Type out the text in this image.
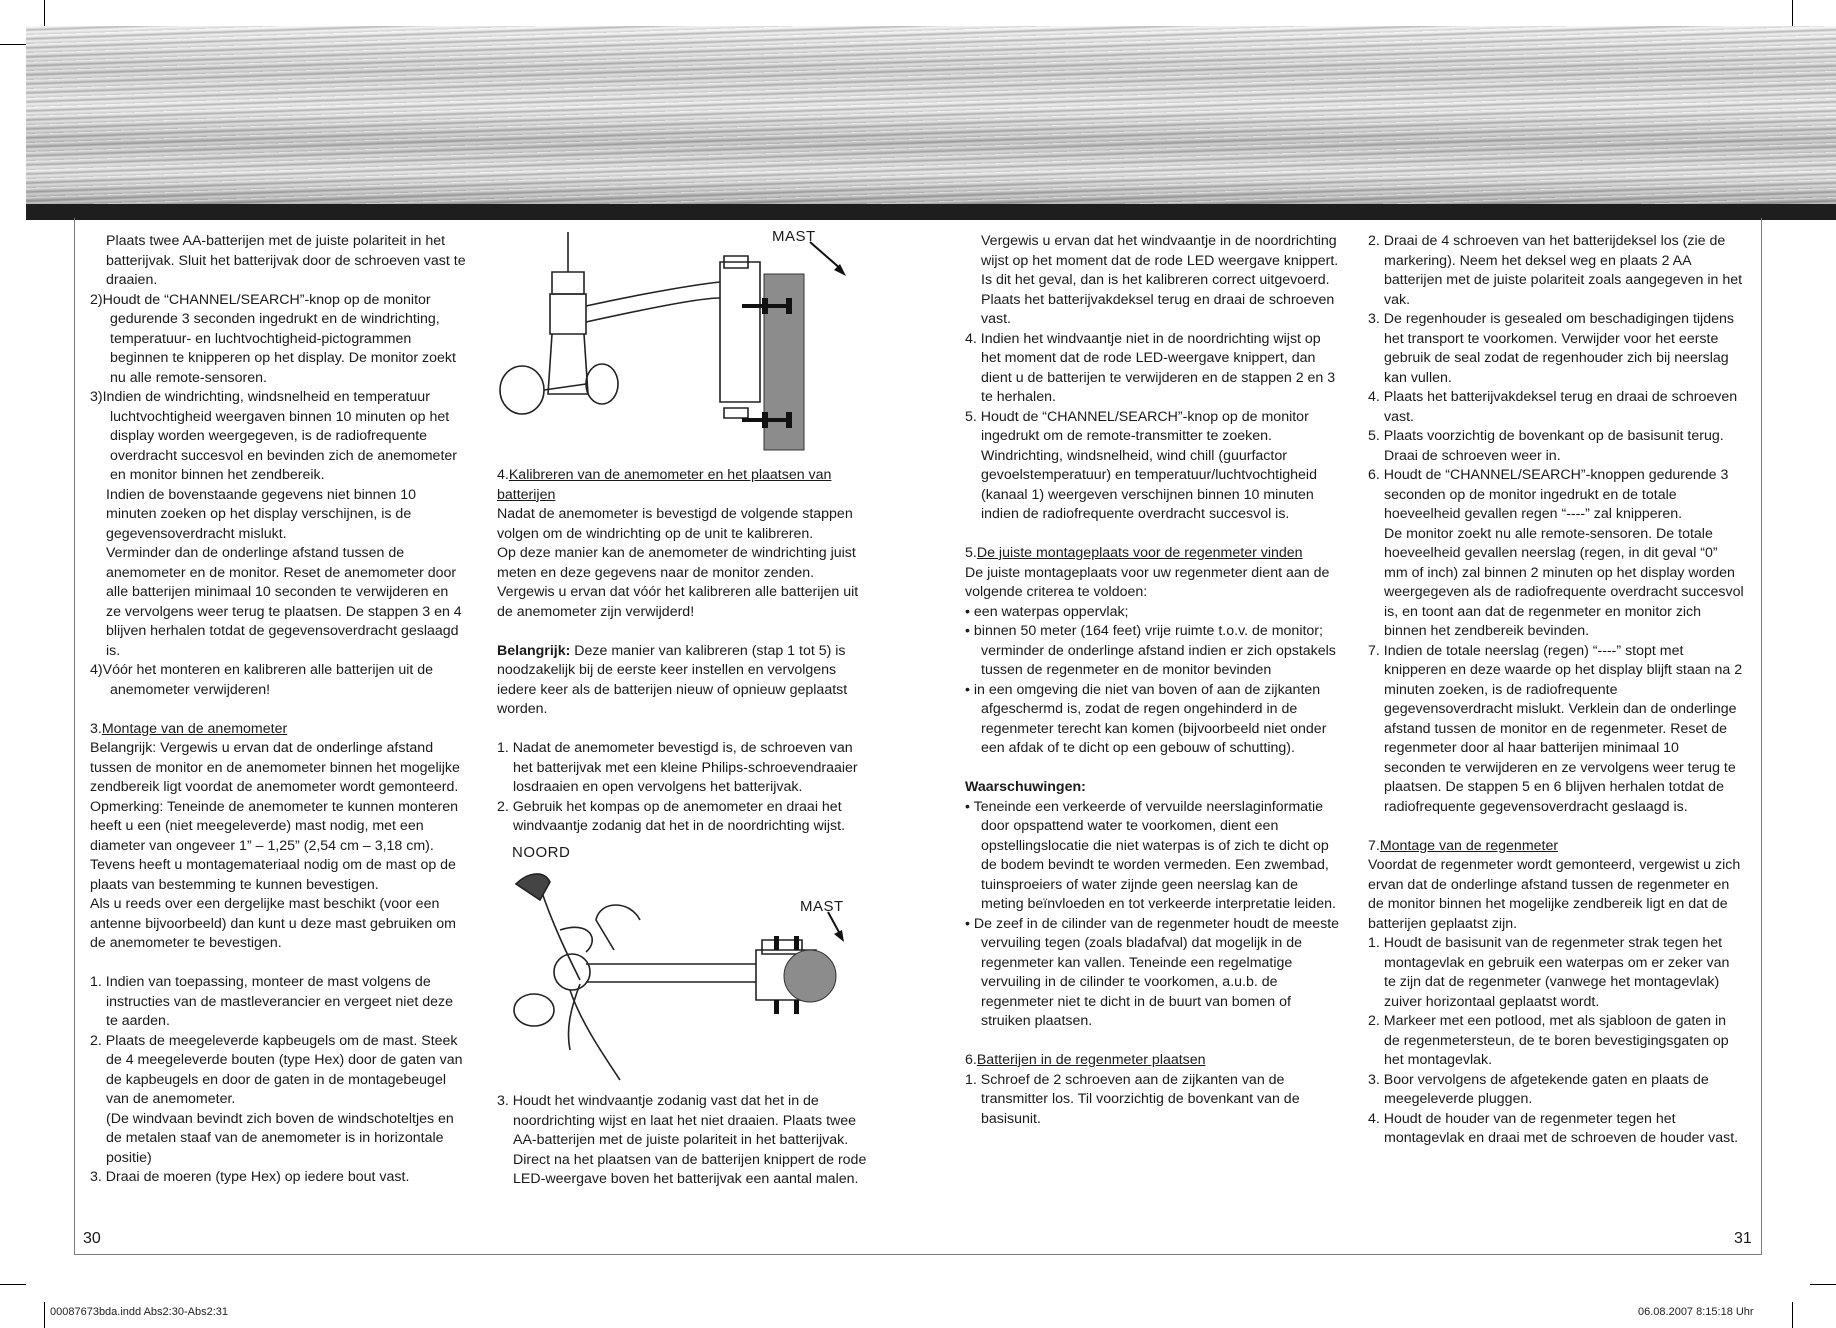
Plaats twee AA-batterijen met de juiste polariteit in het batterijvak. Sluit het batterijvak door de schroeven vast te draaien.

2)Houdt de “CHANNEL/SEARCH”-knop op de monitor gedurende 3 seconden ingedrukt en de windrichting, temperatuur- en luchtvochtigheid-pictogrammen beginnen te knipperen op het display. De monitor zoekt nu alle remote-sensoren.

3)Indien de windrichting, windsnelheid en temperatuur luchtvochtigheid weergaven binnen 10 minuten op het display worden weergegeven, is de radiofrequente overdracht succesvol en bevinden zich de anemometer en monitor binnen het zendbereik.

Indien de bovenstaande gegevens niet binnen 10 minuten zoeken op het display verschijnen, is de gegevensoverdracht mislukt.

Verminder dan de onderlinge afstand tussen de anemometer en de monitor. Reset de anemometer door alle batterijen minimaal 10 seconden te verwijderen en ze vervolgens weer terug te plaatsen. De stappen 3 en 4 blijven herhalen totdat de gegevensoverdracht geslaagd is.

4)Vóór het monteren en kalibreren alle batterijen uit de anemometer verwijderen!

3.Montage van de anemometer

Belangrijk: Vergewis u ervan dat de onderlinge afstand tussen de monitor en de anemometer binnen het mogelijke zendbereik ligt voordat de anemometer wordt gemonteerd.

Opmerking: Teneinde de anemometer te kunnen monteren heeft u een (niet meegeleverde) mast nodig, met een diameter van ongeveer 1” – 1,25” (2,54 cm – 3,18 cm). Tevens heeft u montagemateriaal nodig om de mast op de plaats van bestemming te kunnen bevestigen.

Als u reeds over een dergelijke mast beschikt (voor een antenne bijvoorbeeld) dan kunt u deze mast gebruiken om de anemometer te bevestigen.

1. Indien van toepassing, monteer de mast volgens de instructies van de mastleverancier en vergeet niet deze te aarden.

2. Plaats de meegeleverde kapbeugels om de mast. Steek de 4 meegeleverde bouten (type Hex) door de gaten van de kapbeugels en door de gaten in de montagebeugel van de anemometer.

(De windvaan bevindt zich boven de windschoteltjes en de metalen staaf van de anemometer is in horizontale positie)

3. Draai de moeren (type Hex) op iedere bout vast.

30
MAST
NOORD
MAST

4.Kalibreren van de anemometer en het plaatsen van batterijen

Nadat de anemometer is bevestigd de volgende stappen volgen om de windrichting op de unit te kalibreren.

Op deze manier kan de anemometer de windrichting juist meten en deze gegevens naar de monitor zenden.

Vergewis u ervan dat vóór het kalibreren alle batterijen uit de anemometer zijn verwijderd!

Belangrijk: Deze manier van kalibreren (stap 1 tot 5) is noodzakelijk bij de eerste keer instellen en vervolgens iedere keer als de batterijen nieuw of opnieuw geplaatst worden.

1. Nadat de anemometer bevestigd is, de schroeven van het batterijvak met een kleine Philips-schroevendraaier losdraaien en open vervolgens het batterijvak.

2. Gebruik het kompas op de anemometer en draai het windvaantje zodanig dat het in de noordrichting wijst.

3. Houdt het windvaantje zodanig vast dat het in de noordrichting wijst en laat het niet draaien. Plaats twee AA-batterijen met de juiste polariteit in het batterijvak. Direct na het plaatsen van de batterijen knippert de rode LED-weergave boven het batterijvak een aantal malen.

Vergewis u ervan dat het windvaantje in de noordrichting wijst op het moment dat de rode LED weergave knippert. Is dit het geval, dan is het kalibreren correct uitgevoerd. Plaats het batterijvakdeksel terug en draai de schroeven vast.

4. Indien het windvaantje niet in de noordrichting wijst op het moment dat de rode LED-weergave knippert, dan dient u de batterijen te verwijderen en de stappen 2 en 3 te herhalen.

5. Houdt de “CHANNEL/SEARCH”-knop op de monitor ingedrukt om de remote-transmitter te zoeken. Windrichting, windsnelheid, wind chill (guurfactor gevoelstemperatuur) en temperatuur/luchtvochtigheid (kanaal 1) weergeven verschijnen binnen 10 minuten indien de radiofrequente overdracht succesvol is.

5.De juiste montageplaats voor de regenmeter vinden

De juiste montageplaats voor uw regenmeter dient aan de volgende criterea te voldoen:

• een waterpas oppervlak;

• binnen 50 meter (164 feet) vrije ruimte t.o.v. de monitor; verminder de onderlinge afstand indien er zich opstakels tussen de regenmeter en de monitor bevinden

• in een omgeving die niet van boven of aan de zijkanten afgeschermd is, zodat de regen ongehinderd in de regenmeter terecht kan komen (bijvoorbeeld niet onder een afdak of te dicht op een gebouw of schutting).

Waarschuwingen:

• Teneinde een verkeerde of vervuilde neerslaginformatie door opspattend water te voorkomen, dient een opstellingslocatie die niet waterpas is of zich te dicht op de bodem bevindt te worden vermeden. Een zwembad, tuinsproeiers of water zijnde geen neerslag kan de meting beïnvloeden en tot verkeerde interpretatie leiden.

• De zeef in de cilinder van de regenmeter houdt de meeste vervuiling tegen (zoals bladafval) dat mogelijk in de regenmeter kan vallen. Teneinde een regelmatige vervuiling in de cilinder te voorkomen, a.u.b. de regenmeter niet te dicht in de buurt van bomen of struiken plaatsen.

6.Batterijen in de regenmeter plaatsen

1. Schroef de 2 schroeven aan de zijkanten van de transmitter los. Til voorzichtig de bovenkant van de basisunit.

2. Draai de 4 schroeven van het batterijdeksel los (zie de markering). Neem het deksel weg en plaats 2 AA batterijen met de juiste polariteit zoals aangegeven in het vak.

3. De regenhouder is gesealed om beschadigingen tijdens het transport te voorkomen. Verwijder voor het eerste gebruik de seal zodat de regenhouder zich bij neerslag kan vullen.

4. Plaats het batterijvakdeksel terug en draai de schroeven vast.

5. Plaats voorzichtig de bovenkant op de basisunit terug. Draai de schroeven weer in.

6. Houdt de “CHANNEL/SEARCH”-knoppen gedurende 3 seconden op de monitor ingedrukt en de totale hoeveelheid gevallen regen “----” zal knipperen.

De monitor zoekt nu alle remote-sensoren. De totale hoeveelheid gevallen neerslag (regen, in dit geval “0” mm of inch) zal binnen 2 minuten op het display worden weergegeven als de radiofrequente overdracht succesvol is, en toont aan dat de regenmeter en monitor zich binnen het zendbereik bevinden.

7. Indien de totale neerslag (regen) “----” stopt met knipperen en deze waarde op het display blijft staan na 2 minuten zoeken, is de radiofrequente gegevensoverdracht mislukt. Verklein dan de onderlinge afstand tussen de monitor en de regenmeter. Reset de regenmeter door al haar batterijen minimaal 10 seconden te verwijderen en ze vervolgens weer terug te plaatsen. De stappen 5 en 6 blijven herhalen totdat de radiofrequente gegevensoverdracht geslaagd is.

7.Montage van de regenmeter

Voordat de regenmeter wordt gemonteerd, vergewist u zich ervan dat de onderlinge afstand tussen de regenmeter en de monitor binnen het mogelijke zendbereik ligt en dat de batterijen geplaatst zijn.

1. Houdt de basisunit van de regenmeter strak tegen het montagevlak en gebruik een waterpas om er zeker van te zijn dat de regenmeter (vanwege het montagevlak) zuiver horizontaal geplaatst wordt.

2. Markeer met een potlood, met als sjabloon de gaten in de regenmetersteun, de te boren bevestigingsgaten op het montagevlak.

3. Boor vervolgens de afgetekende gaten en plaats de meegeleverde pluggen.

4. Houdt de houder van de regenmeter tegen het montagevlak en draai met de schroeven de houder vast.

31
00087673bda.indd Abs2:30-Abs2:31	06.08.2007 8:15:18 Uhr
